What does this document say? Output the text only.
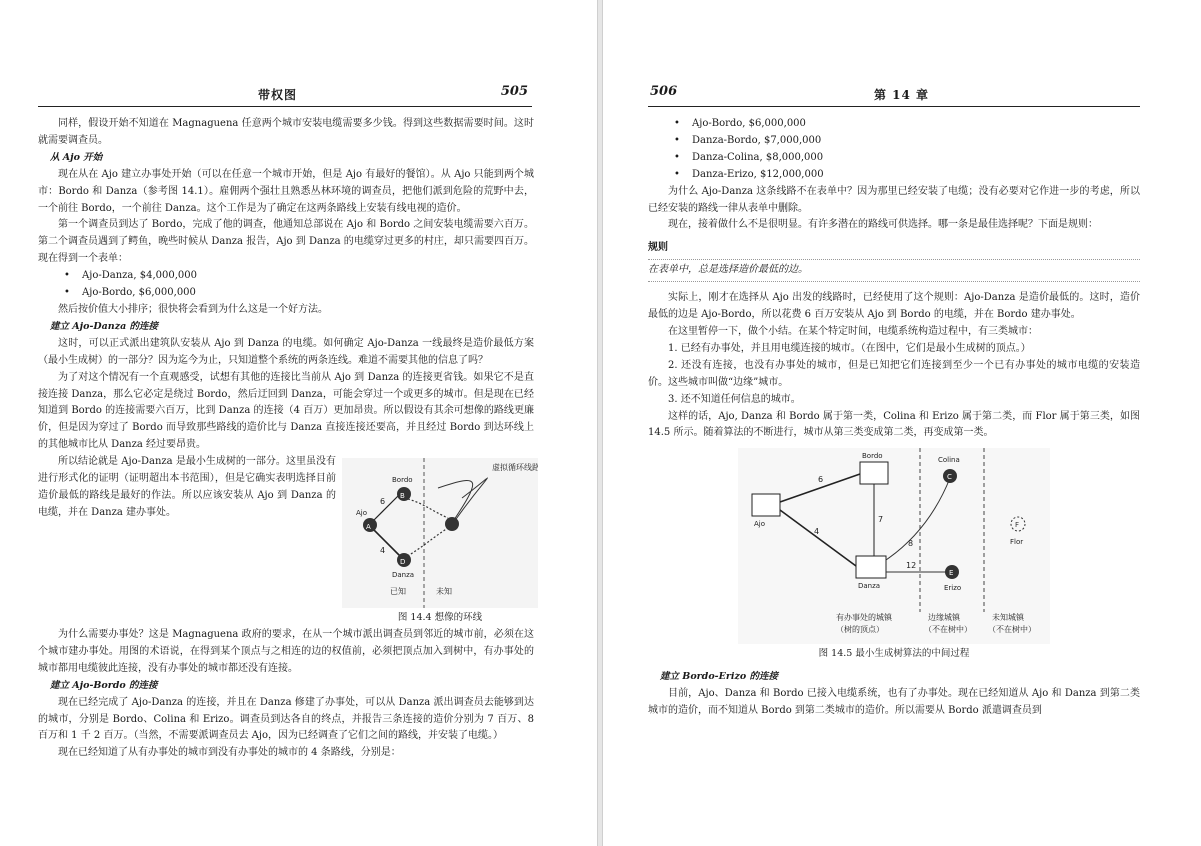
带权图	505

同样，假设开始不知道在 Magnaguena 任意两个城市安装电缆需要多少钱。得到这些数据需要时间。这时就需要调查员。

从 Ajo 开始

现在从在 Ajo 建立办事处开始（可以在任意一个城市开始，但是 Ajo 有最好的餐馆）。从 Ajo 只能到两个城市：Bordo 和 Danza（参考图 14.1）。雇佣两个强壮且熟悉丛林环境的调查员，把他们派到危险的荒野中去，一个前往 Bordo，一个前往 Danza。这个工作是为了确定在这两条路线上安装有线电视的造价。

第一个调查员到达了 Bordo，完成了他的调查，他通知总部说在 Ajo 和 Bordo 之间安装电缆需要六百万。第二个调查员遇到了鳄鱼，晚些时候从 Danza 报告，Ajo 到 Danza 的电缆穿过更多的村庄，却只需要四百万。现在得到一个表单：

• Ajo-Danza, $4,000,000
• Ajo-Bordo, $6,000,000

然后按价值大小排序；很快将会看到为什么这是一个好方法。

建立 Ajo-Danza 的连接

这时，可以正式派出建筑队安装从 Ajo 到 Danza 的电缆。如何确定 Ajo-Danza 一线最终是造价最低方案（最小生成树）的一部分？因为迄今为止，只知道整个系统的两条连线。难道不需要其他的信息了吗？

为了对这个情况有一个直观感受，试想有其他的连接比当前从 Ajo 到 Danza 的连接更省钱。如果它不是直接连接 Danza，那么它必定是绕过 Bordo，然后迂回到 Danza，可能会穿过一个或更多的城市。但是现在已经知道到 Bordo 的连接需要六百万，比到 Danza 的连接（4 百万）更加昂贵。所以假设有其余可想像的路线更廉价，但是因为穿过了 Bordo 而导致那些路线的造价比与 Danza 直接连接还要高，并且经过 Bordo 到达环线上的其他城市比从 Danza 经过要昂贵。

所以结论就是 Ajo-Danza 是最小生成树的一部分。这里虽没有进行形式化的证明（证明超出本书范围），但是它确实表明选择目前造价最低的路线是最好的作法。所以应该安装从 Ajo 到 Danza 的电缆，并在 Danza 建办事处。

B
A
D
Bordo
Ajo
Danza
6
4
虚拟循环线路
已知	未知
图 14.4 想像的环线

为什么需要办事处？这是 Magnaguena 政府的要求，在从一个城市派出调查员到邻近的城市前，必须在这个城市建办事处。用图的术语说，在得到某个顶点与之相连的边的权值前，必须把顶点加入到树中，有办事处的城市都用电缆彼此连接，没有办事处的城市都还没有连接。

建立 Ajo-Bordo 的连接

现在已经完成了 Ajo-Danza 的连接，并且在 Danza 修建了办事处，可以从 Danza 派出调查员去能够到达的城市，分别是 Bordo、Colina 和 Erizo。调查员到达各自的终点，并报告三条连接的造价分别为 7 百万、8 百万和 1 千 2 百万。（当然，不需要派调查员去 Ajo，因为已经调查了它们之间的路线，并安装了电缆。）

现在已经知道了从有办事处的城市到没有办事处的城市的 4 条路线，分别是：

506	第 14 章
• Ajo-Bordo, $6,000,000
• Danza-Bordo, $7,000,000
• Danza-Colina, $8,000,000
• Danza-Erizo, $12,000,000

为什么 Ajo-Danza 这条线路不在表单中？因为那里已经安装了电缆；没有必要对它作进一步的考虑，所以已经安装的路线一律从表单中删除。

现在，接着做什么不是很明显。有许多潜在的路线可供选择。哪一条是最佳选择呢？下面是规则：

规则
在表单中，总是选择造价最低的边。

实际上，刚才在选择从 Ajo 出发的线路时，已经使用了这个规则：Ajo-Danza 是造价最低的。这时，造价最低的边是 Ajo-Bordo，所以花费 6 百万安装从 Ajo 到 Bordo 的电缆，并在 Bordo 建办事处。

在这里暂停一下，做个小结。在某个特定时间，电缆系统构造过程中，有三类城市：

1. 已经有办事处，并且用电缆连接的城市。（在图中，它们是最小生成树的顶点。）

2. 还没有连接，也没有办事处的城市，但是已知把它们连接到至少一个已有办事处的城市电缆的安装造价。这些城市叫做“边缘”城市。

3. 还不知道任何信息的城市。

这样的话，Ajo, Danza 和 Bordo 属于第一类，Colina 和 Erizo 属于第二类，而 Flor 属于第三类，如图 14.5 所示。随着算法的不断进行，城市从第三类变成第二类，再变成第一类。

C
E
F
Bordo	Colina
Ajo
Danza	Erizo
Flor
6
4
7
8
12
有办事处的城镇
（树的顶点）
边缘城镇
（不在树中）
未知城镇
（不在树中）
图 14.5 最小生成树算法的中间过程

建立 Bordo-Erizo 的连接

目前，Ajo、Danza 和 Bordo 已接入电缆系统，也有了办事处。现在已经知道从 Ajo 和 Danza 到第二类城市的造价，而不知道从 Bordo 到第二类城市的造价。所以需要从 Bordo 派遣调查员到
